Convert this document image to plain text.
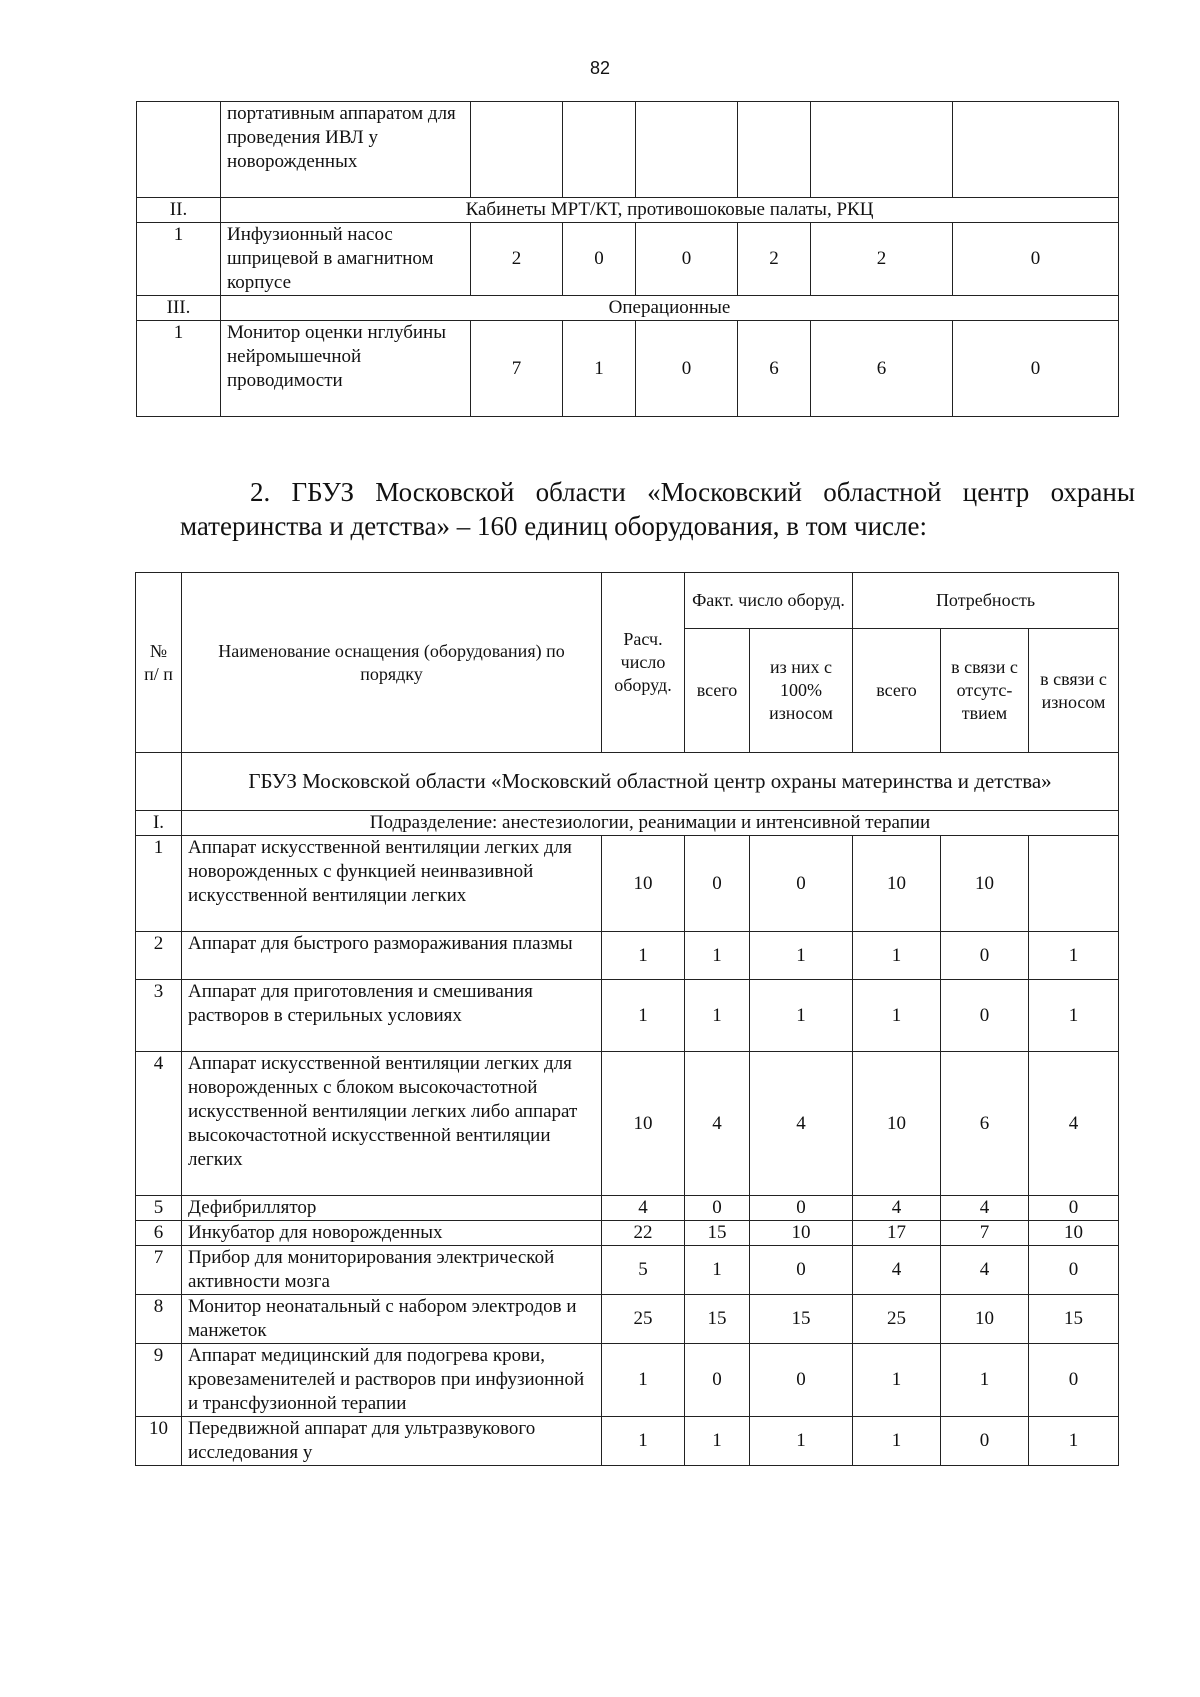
82
	портативным аппаратом для проведения ИВЛ у новорожденных						
II.	Кабинеты МРТ/КТ, противошоковые палаты, РКЦ						
1	Инфузионный насос шприцевой в амагнитном корпусе	2	0	0	2	2	0
III.	Операционные						
1	Монитор оценки нглубины нейромышечной проводимости	7	1	0	6	6	0
2. ГБУЗ Московской области «Московский областной центр охраны
материнства и детства» – 160 единиц оборудования, в том числе:
№ п/ п	Наименование оснащения (оборудования) по порядку	Расч. число оборуд.	Факт. число оборуд.		Потребность		
			всего	из них с 100% износом	всего	в связи с отсутс-твием	в связи с износом
	ГБУЗ Московской области «Московский областной центр охраны материнства и детства»						
I.	Подразделение: анестезиологии, реанимации и интенсивной терапии						
1	Аппарат искусственной вентиляции легких для новорожденных с функцией неинвазивной искусственной вентиляции легких	10	0	0	10	10	
2	Аппарат для быстрого размораживания плазмы	1	1	1	1	0	1
3	Аппарат для приготовления и смешивания растворов в стерильных условиях	1	1	1	1	0	1
4	Аппарат искусственной вентиляции легких для новорожденных с блоком высокочастотной искусственной вентиляции легких либо аппарат высокочастотной искусственной вентиляции легких	10	4	4	10	6	4
5	Дефибриллятор	4	0	0	4	4	0
6	Инкубатор для новорожденных	22	15	10	17	7	10
7	Прибор для мониторирования электрической активности мозга	5	1	0	4	4	0
8	Монитор неонатальный с набором электродов и манжеток	25	15	15	25	10	15
9	Аппарат медицинский для подогрева крови, кровезаменителей и растворов при инфузионной и трансфузионной терапии	1	0	0	1	1	0
10	Передвижной аппарат для ультразвукового исследования у	1	1	1	1	0	1
